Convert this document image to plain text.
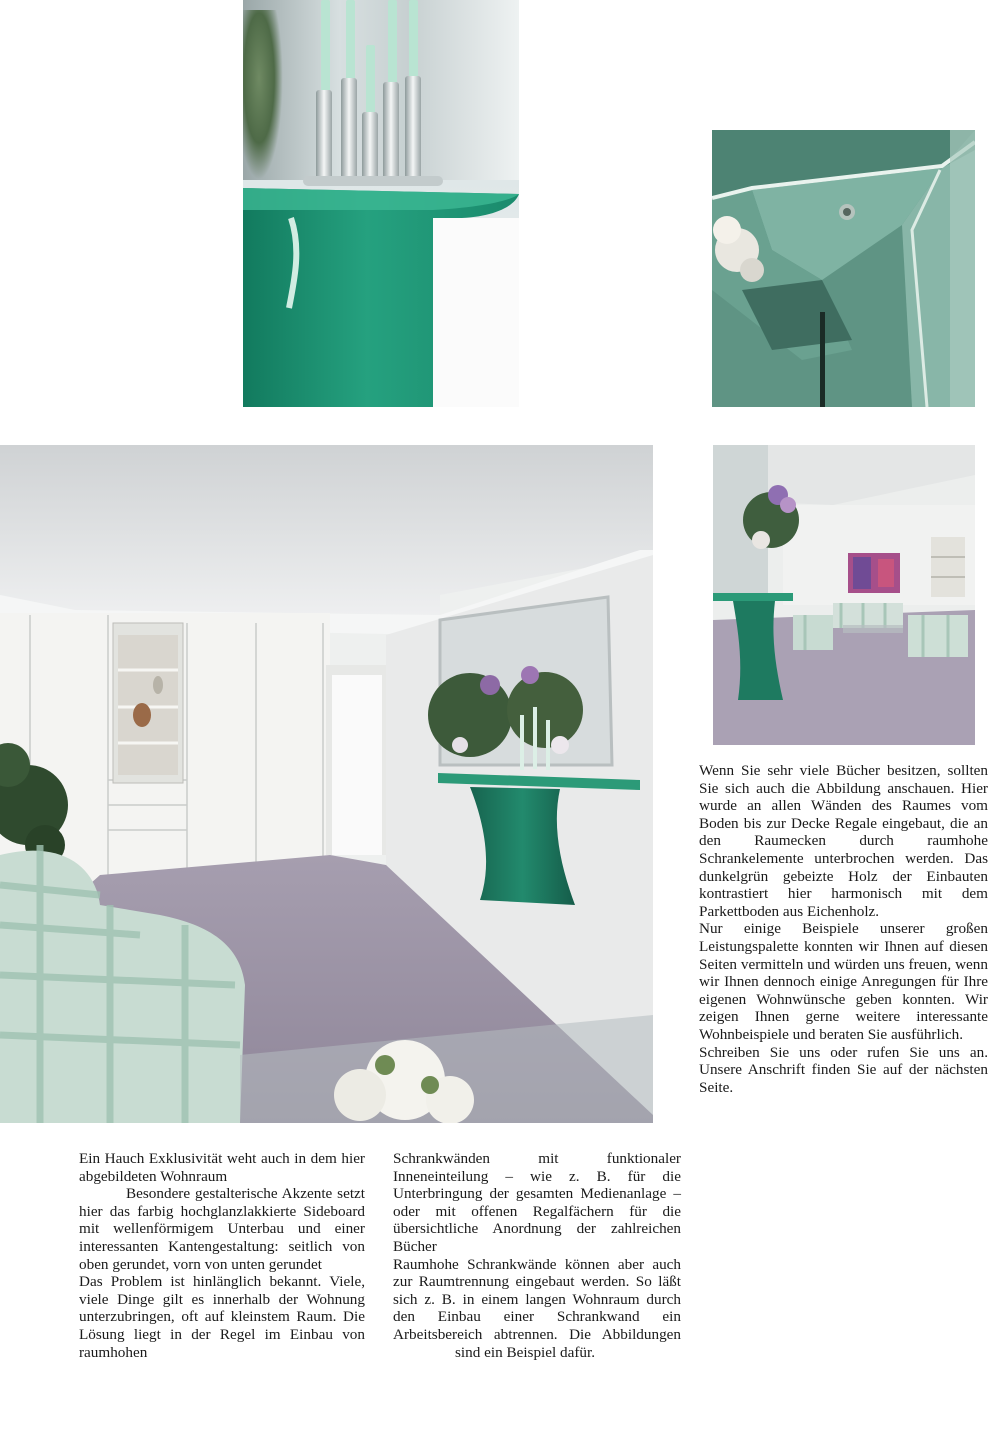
Ein Hauch Exklusivität weht auch in dem hier abgebildeten Wohnraum

Besondere gestalterische Akzente setzt hier das farbig hochglanzlakkierte Sideboard mit wellenförmigem Unterbau und einer interessanten Kantengestaltung: seitlich von oben gerundet, vorn von unten gerundet

Das Problem ist hinlänglich bekannt. Viele, viele Dinge gilt es innerhalb der Wohnung unterzubringen, oft auf kleinstem Raum. Die Lösung liegt in der Regel im Einbau von raumhohen

Schrankwänden mit funktionaler Inneneinteilung – wie z. B. für die Unterbringung der gesamten Medienanlage – oder mit offenen Regalfächern für die übersichtliche Anordnung der zahlreichen Bücher

Raumhohe Schrankwände können aber auch zur Raumtrennung eingebaut werden. So läßt sich z. B. in einem langen Wohnraum durch den Einbau einer Schrankwand ein Arbeitsbereich abtrennen. Die Abbildungensind ein Beispiel dafür.

Wenn Sie sehr viele Bücher besitzen, sollten Sie sich auch die Abbildung anschauen. Hier wurde an allen Wänden des Raumes vom Boden bis zur Decke Regale eingebaut, die an den Raumecken durch raumhohe Schrankelemente unterbrochen werden. Das dunkelgrün gebeizte Holz der Einbauten kontrastiert hier harmonisch mit dem Parkettboden aus Eichenholz.

Nur einige Beispiele unserer großen Leistungspalette konnten wir Ihnen auf diesen Seiten vermitteln und würden uns freuen, wenn wir Ihnen dennoch einige Anregungen für Ihre eigenen Wohnwünsche geben konnten. Wir zeigen Ihnen gerne weitere interessante Wohnbeispiele und beraten Sie ausführlich.

Schreiben Sie uns oder rufen Sie uns an. Unsere Anschrift finden Sie auf der nächsten Seite.
